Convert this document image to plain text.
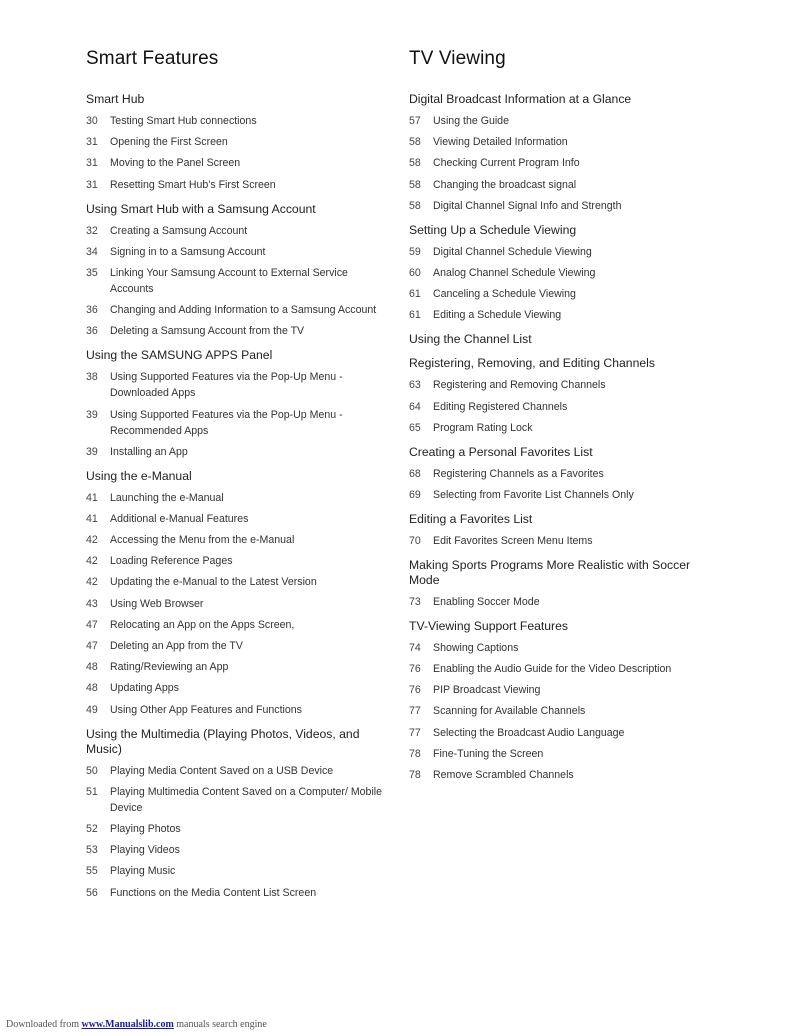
Smart Features
Smart Hub
30	Testing Smart Hub connections
31	Opening the First Screen
31	Moving to the Panel Screen
31	Resetting Smart Hub's First Screen
Using Smart Hub with a Samsung Account
32	Creating a Samsung Account
34	Signing in to a Samsung Account
35	Linking Your Samsung Account to External Service Accounts
36	Changing and Adding Information to a Samsung Account
36	Deleting a Samsung Account from the TV
Using the SAMSUNG APPS Panel
38	Using Supported Features via the Pop-Up Menu - Downloaded Apps
39	Using Supported Features via the Pop-Up Menu - Recommended Apps
39	Installing an App
Using the e-Manual
41	Launching the e-Manual
41	Additional e-Manual Features
42	Accessing the Menu from the e-Manual
42	Loading Reference Pages
42	Updating the e-Manual to the Latest Version
43	Using Web Browser
47	Relocating an App on the Apps Screen,
47	Deleting an App from the TV
48	Rating/Reviewing an App
48	Updating Apps
49	Using Other App Features and Functions
Using the Multimedia (Playing Photos, Videos, and Music)
50	Playing Media Content Saved on a USB Device
51	Playing Multimedia Content Saved on a Computer/ Mobile Device
52	Playing Photos
53	Playing Videos
55	Playing Music
56	Functions on the Media Content List Screen
TV Viewing
Digital Broadcast Information at a Glance
57	Using the Guide
58	Viewing Detailed Information
58	Checking Current Program Info
58	Changing the broadcast signal
58	Digital Channel Signal Info and Strength
Setting Up a Schedule Viewing
59	Digital Channel Schedule Viewing
60	Analog Channel Schedule Viewing
61	Canceling a Schedule Viewing
61	Editing a Schedule Viewing
Using the Channel List
Registering, Removing, and Editing Channels
63	Registering and Removing Channels
64	Editing Registered Channels
65	Program Rating Lock
Creating a Personal Favorites List
68	Registering Channels as a Favorites
69	Selecting from Favorite List Channels Only
Editing a Favorites List
70	Edit Favorites Screen Menu Items
Making Sports Programs More Realistic with Soccer Mode
73	Enabling Soccer Mode
TV-Viewing Support Features
74	Showing Captions
76	Enabling the Audio Guide for the Video Description
76	PIP Broadcast Viewing
77	Scanning for Available Channels
77	Selecting the Broadcast Audio Language
78	Fine-Tuning the Screen
78	Remove Scrambled Channels
Downloaded from www.Manualslib.com manuals search engine
